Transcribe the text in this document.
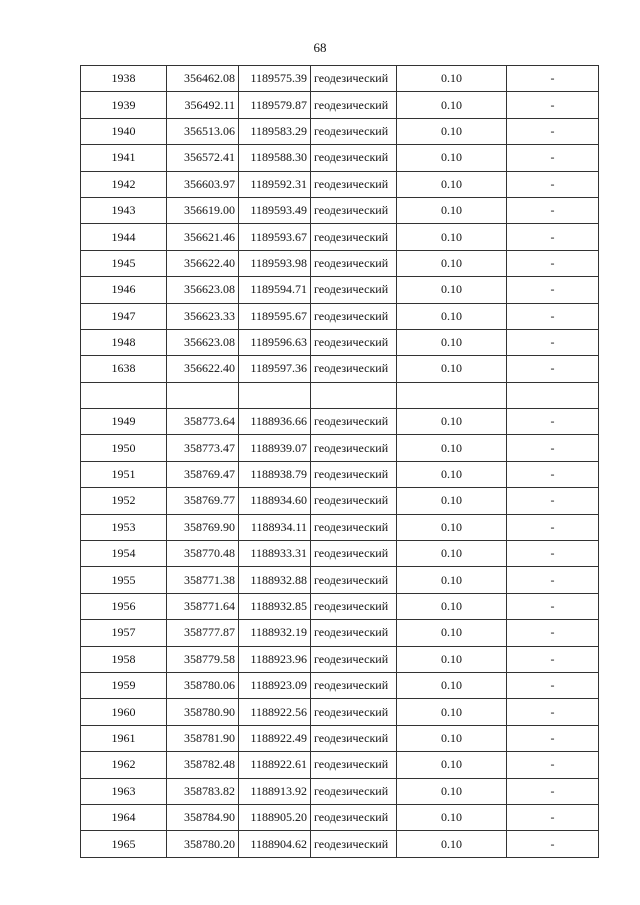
68
1938	356462.08	1189575.39	геодезический	0.10	-
1939	356492.11	1189579.87	геодезический	0.10	-
1940	356513.06	1189583.29	геодезический	0.10	-
1941	356572.41	1189588.30	геодезический	0.10	-
1942	356603.97	1189592.31	геодезический	0.10	-
1943	356619.00	1189593.49	геодезический	0.10	-
1944	356621.46	1189593.67	геодезический	0.10	-
1945	356622.40	1189593.98	геодезический	0.10	-
1946	356623.08	1189594.71	геодезический	0.10	-
1947	356623.33	1189595.67	геодезический	0.10	-
1948	356623.08	1189596.63	геодезический	0.10	-
1638	356622.40	1189597.36	геодезический	0.10	-

1949	358773.64	1188936.66	геодезический	0.10	-
1950	358773.47	1188939.07	геодезический	0.10	-
1951	358769.47	1188938.79	геодезический	0.10	-
1952	358769.77	1188934.60	геодезический	0.10	-
1953	358769.90	1188934.11	геодезический	0.10	-
1954	358770.48	1188933.31	геодезический	0.10	-
1955	358771.38	1188932.88	геодезический	0.10	-
1956	358771.64	1188932.85	геодезический	0.10	-
1957	358777.87	1188932.19	геодезический	0.10	-
1958	358779.58	1188923.96	геодезический	0.10	-
1959	358780.06	1188923.09	геодезический	0.10	-
1960	358780.90	1188922.56	геодезический	0.10	-
1961	358781.90	1188922.49	геодезический	0.10	-
1962	358782.48	1188922.61	геодезический	0.10	-
1963	358783.82	1188913.92	геодезический	0.10	-
1964	358784.90	1188905.20	геодезический	0.10	-
1965	358780.20	1188904.62	геодезический	0.10	-
